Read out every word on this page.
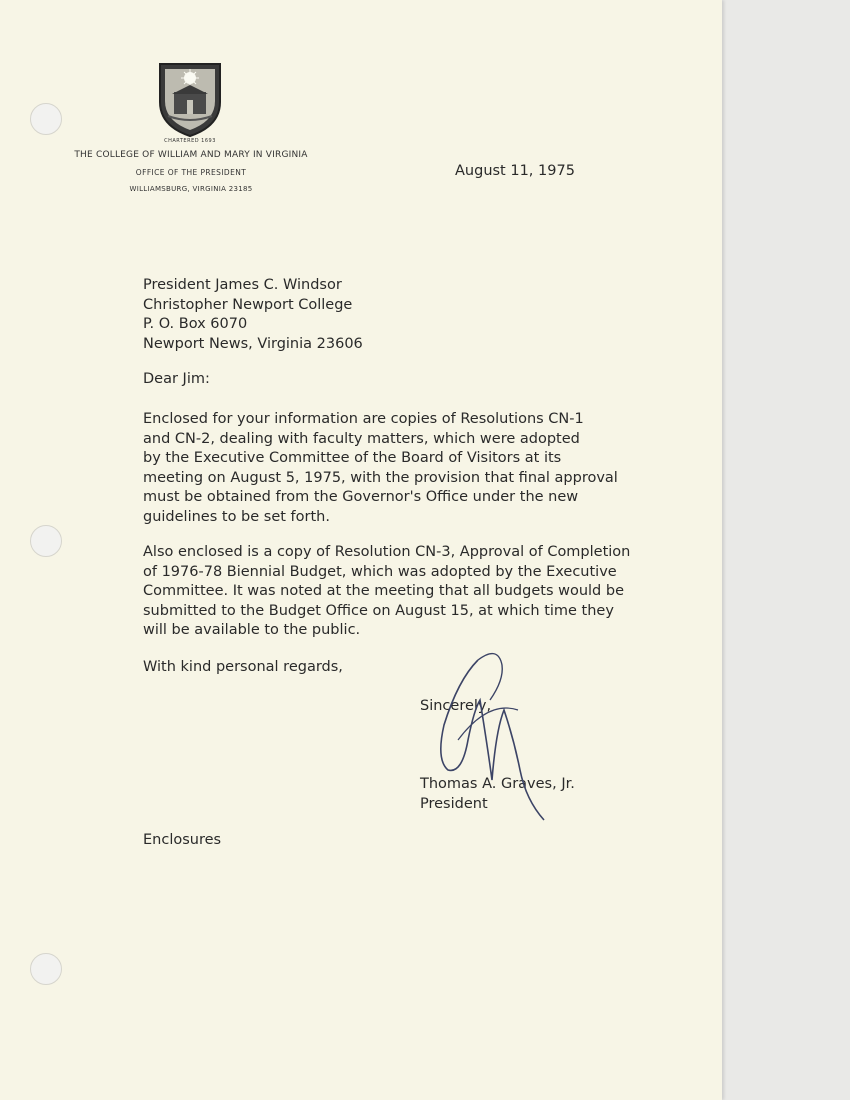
CHARTERED 1693
THE COLLEGE OF WILLIAM AND MARY IN VIRGINIA
OFFICE OF THE PRESIDENT
WILLIAMSBURG, VIRGINIA 23185
August 11, 1975
President James C. Windsor
Christopher Newport College
P. O. Box 6070
Newport News, Virginia 23606
Dear Jim:
Enclosed for your information are copies of Resolutions CN-1
and CN-2, dealing with faculty matters, which were adopted
by the Executive Committee of the Board of Visitors at its
meeting on August 5, 1975, with the provision that final approval
must be obtained from the Governor's Office under the new
guidelines to be set forth.
Also enclosed is a copy of Resolution CN-3, Approval of Completion
of 1976-78 Biennial Budget, which was adopted by the Executive
Committee. It was noted at the meeting that all budgets would be
submitted to the Budget Office on August 15, at which time they
will be available to the public.
With kind personal regards,
Sincerely,
Thomas A. Graves, Jr.
President
Enclosures
